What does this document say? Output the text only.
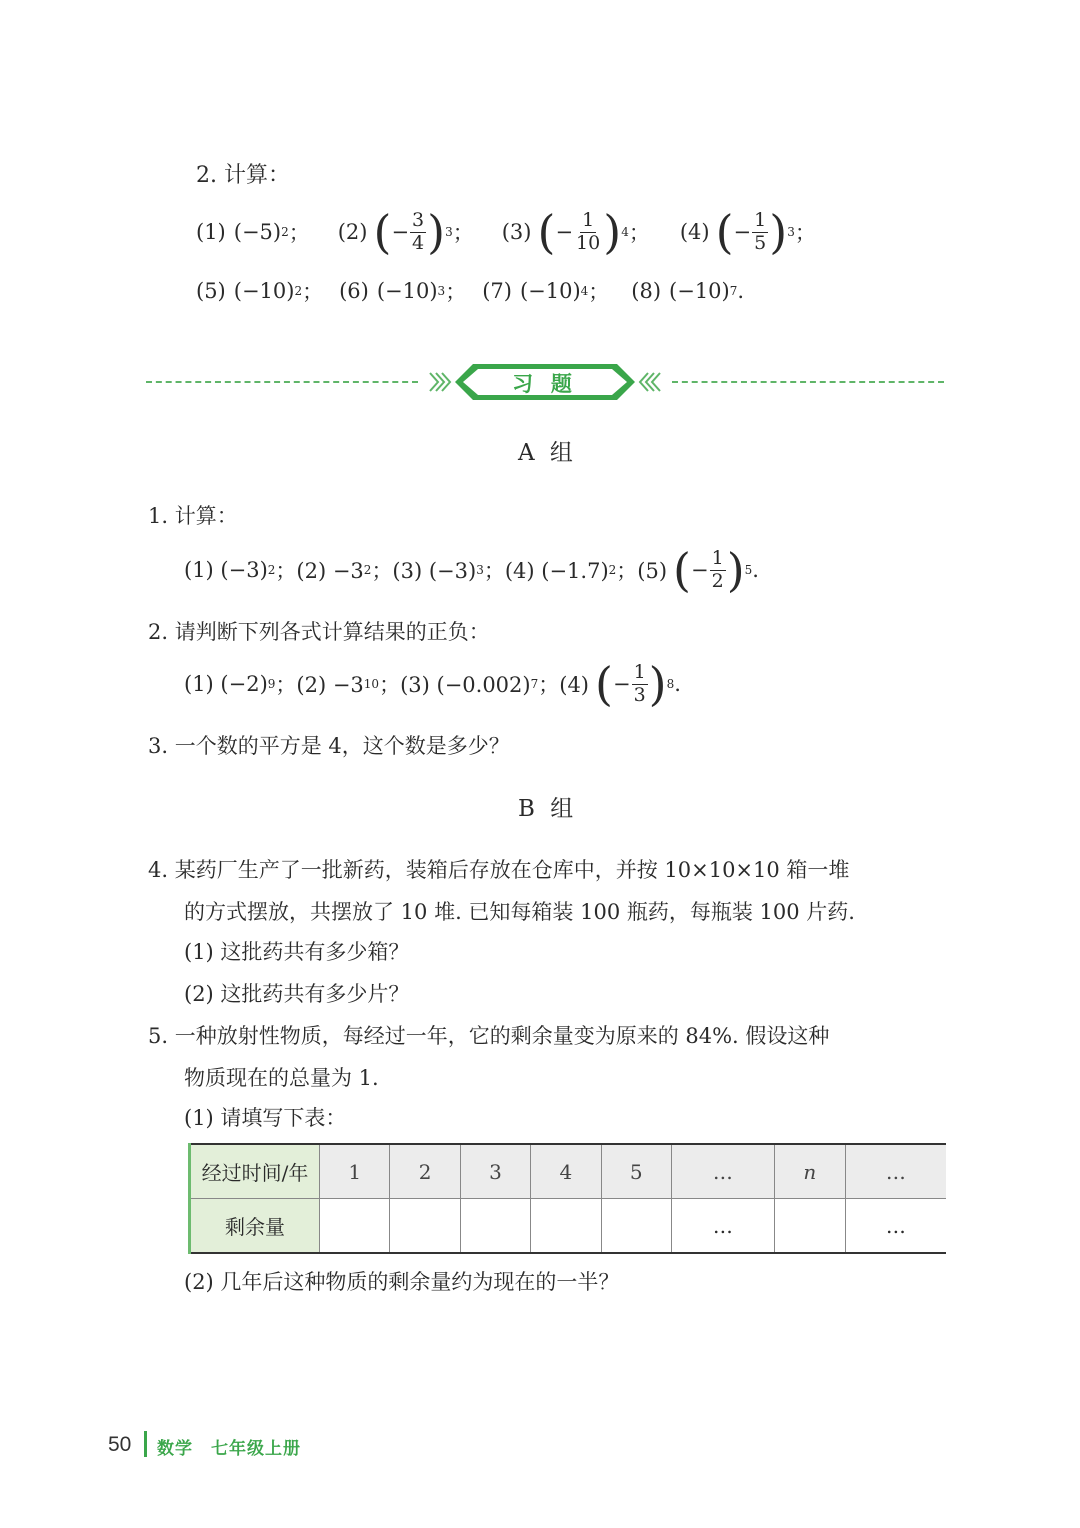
2. 计算：
(1) (−5) 2 ； (2) ( − $\frac{3}{4}$ ) 3 ； (3) ( − $\frac{1}{10}$ ) 4 ； (4) ( − $\frac{1}{5}$ ) 3 ；
(5) (−10) 2 ； (6) (−10) 3 ； (7) (−10) 4 ； (8) (−10) 7 .
习 题
A 组
1. 计算：
(1) (−3) 2 ；(2) −3 2 ；(3) (−3) 3 ；(4) (−1.7) 2 ；(5) ( − $\frac{1}{2}$ ) 5 .
2. 请判断下列各式计算结果的正负：
(1) (−2) 9 ；(2) −3 10 ；(3) (−0.002) 7 ；(4) ( − $\frac{1}{3}$ ) 8 .
3. 一个数的平方是 4，这个数是多少？
B 组
4. 某药厂生产了一批新药，装箱后存放在仓库中，并按 10×10×10 箱一堆
的方式摆放，共摆放了 10 堆. 已知每箱装 100 瓶药，每瓶装 100 片药.
(1) 这批药共有多少箱？
(2) 这批药共有多少片？
5. 一种放射性物质，每经过一年，它的剩余量变为原来的 84%. 假设这种
物质现在的总量为 1.
(1) 请填写下表：
经过时间/年	1	2	3	4	5	…	n	…
剩余量						…		…
(2) 几年后这种物质的剩余量约为现在的一半？
50 数学 七年级上册
